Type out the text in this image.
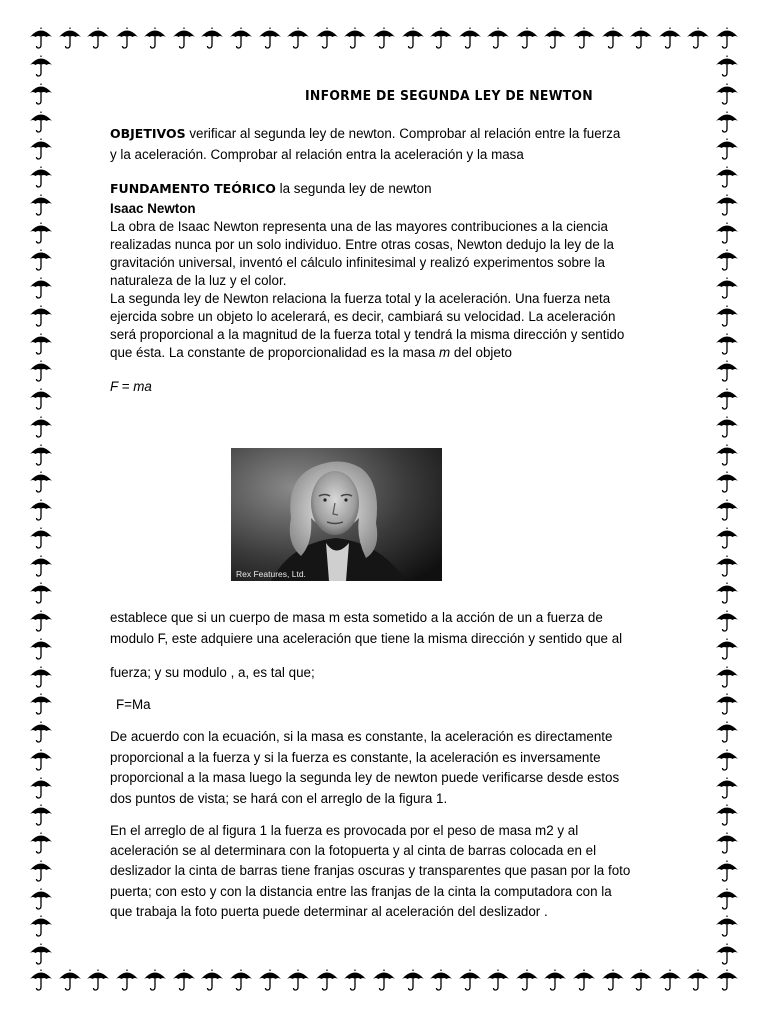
INFORME DE SEGUNDA LEY DE NEWTON
OBJETIVOS verificar al segunda ley de newton. Comprobar al relación entre la fuerza
y la aceleración. Comprobar al relación entra la aceleración y la masa
FUNDAMENTO TEÓRICO la segunda ley de newton
Isaac Newton
La obra de Isaac Newton representa una de las mayores contribuciones a la ciencia
realizadas nunca por un solo individuo. Entre otras cosas, Newton dedujo la ley de la
gravitación universal, inventó el cálculo infinitesimal y realizó experimentos sobre la
naturaleza de la luz y el color.
La segunda ley de Newton relaciona la fuerza total y la aceleración. Una fuerza neta
ejercida sobre un objeto lo acelerará, es decir, cambiará su velocidad. La aceleración
será proporcional a la magnitud de la fuerza total y tendrá la misma dirección y sentido
que ésta. La constante de proporcionalidad es la masa m del objeto
F = ma
Rex Features, Ltd.
establece que si un cuerpo de masa m esta sometido a la acción de un a fuerza de
modulo F, este adquiere una aceleración que tiene la misma dirección y sentido que al
fuerza; y su modulo , a, es tal que;
F=Ma
De acuerdo con la ecuación, si la masa es constante, la aceleración es directamente
proporcional a la fuerza y si la fuerza es constante, la aceleración es inversamente
proporcional a la masa luego la segunda ley de newton puede verificarse desde estos
dos puntos de vista; se hará con el arreglo de la figura 1.
En el arreglo de al figura 1 la fuerza es provocada por el peso de masa m2 y al
aceleración se al determinara con la fotopuerta y al cinta de barras colocada en el
deslizador la cinta de barras tiene franjas oscuras y transparentes que pasan por la foto
puerta; con esto y con la distancia entre las franjas de la cinta la computadora con la
que trabaja la foto puerta puede determinar al aceleración del deslizador .
